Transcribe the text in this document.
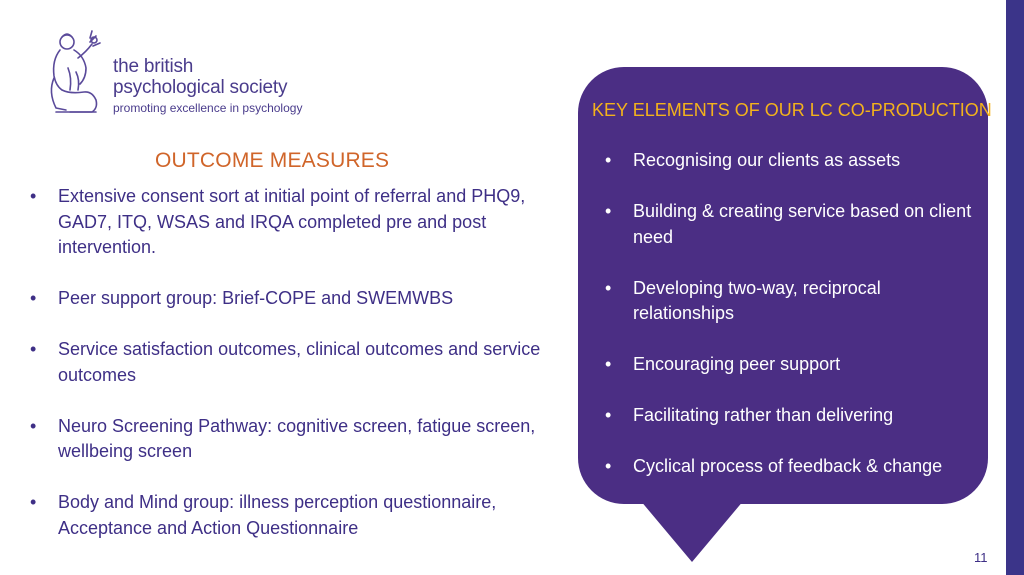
the british
psychological society
promoting excellence in psychology
OUTCOME MEASURES
• Extensive consent sort at initial point of referral and PHQ9, GAD7, ITQ, WSAS and IRQA completed pre and post intervention.
• Peer support group: Brief-COPE and SWEMWBS
• Service satisfaction outcomes, clinical outcomes and service outcomes
• Neuro Screening Pathway: cognitive screen, fatigue screen, wellbeing screen
• Body and Mind group: illness perception questionnaire, Acceptance and Action Questionnaire
KEY ELEMENTS OF OUR LC CO-PRODUCTION
• Recognising our clients as assets
• Building & creating service based on client need
• Developing two-way, reciprocal relationships
• Encouraging peer support
• Facilitating rather than delivering
• Cyclical process of feedback & change
11
